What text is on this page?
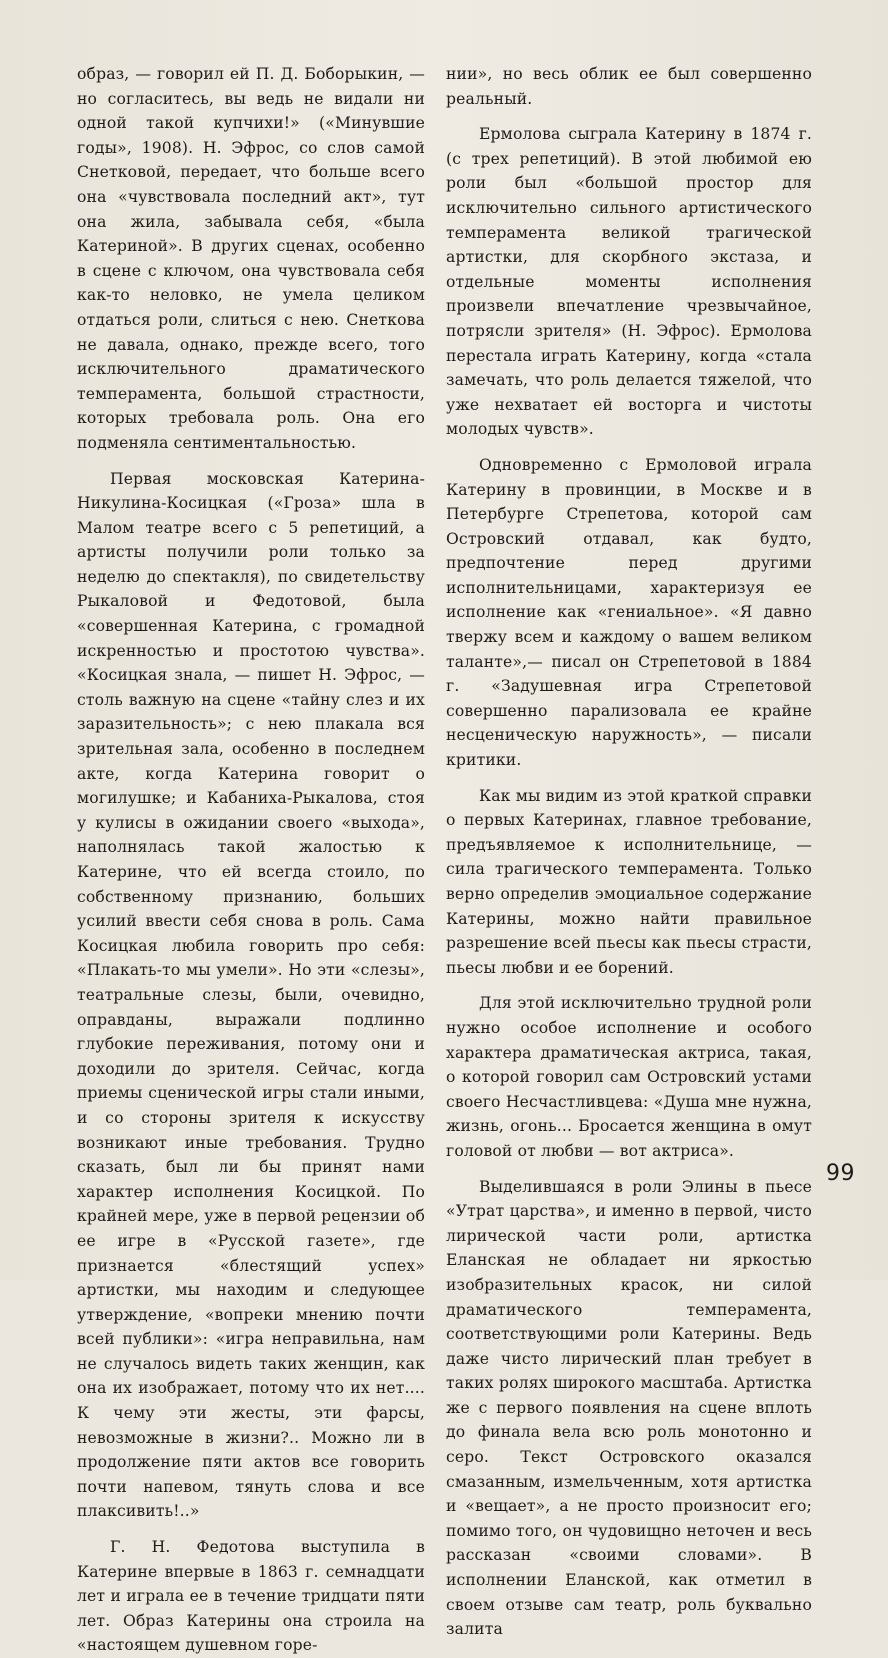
образ, — говорил ей П. Д. Боборыкин, — но согласитесь, вы ведь не видали ни одной такой купчихи!» («Минувшие годы», 1908). Н. Эфрос, со слов самой Снетковой, передает, что больше всего она «чувствовала последний акт», тут она жила, забывала себя, «была Катериной». В других сценах, особенно в сцене с ключом, она чувствовала себя как-то неловко, не умела целиком отдаться роли, слиться с нею. Снеткова не давала, однако, прежде всего, того исключительного драматического темперамента, большой страстности, которых требовала роль. Она его подменяла сентиментальностью.

Первая московская Катерина-Никулина-Косицкая («Гроза» шла в Малом театре всего с 5 репетиций, а артисты получили роли только за неделю до спектакля), по свидетельству Рыкаловой и Федотовой, была «совершенная Катерина, с громадной искренностью и простотою чувства». «Косицкая знала, — пишет Н. Эфрос, — столь важную на сцене «тайну слез и их заразительность»; с нею плакала вся зрительная зала, особенно в последнем акте, когда Катерина говорит о могилушке; и Кабаниха-Рыкалова, стоя у кулисы в ожидании своего «выхода», наполнялась такой жалостью к Катерине, что ей всегда стоило, по собственному признанию, больших усилий ввести себя снова в роль. Сама Косицкая любила говорить про себя: «Плакать-то мы умели». Но эти «слезы», театральные слезы, были, очевидно, оправданы, выражали подлинно глубокие переживания, потому они и доходили до зрителя. Сейчас, когда приемы сценической игры стали иными, и со стороны зрителя к искусству возникают иные требования. Трудно сказать, был ли бы принят нами характер исполнения Косицкой. По крайней мере, уже в первой рецензии об ее игре в «Русской газете», где признается «блестящий успех» артистки, мы находим и следующее утверждение, «вопреки мнению почти всей публики»: «игра неправильна, нам не случалось видеть таких женщин, как она их изображает, потому что их нет.... К чему эти жесты, эти фарсы, невозможные в жизни?.. Можно ли в продолжение пяти актов все говорить почти напевом, тянуть слова и все плаксивить!..»

Г. Н. Федотова выступила в Катерине впервые в 1863 г. семнадцати лет и играла ее в течение тридцати пяти лет. Образ Катерины она строила на «настоящем душевном горе-

нии», но весь облик ее был совершенно реальный.

Ермолова сыграла Катерину в 1874 г. (с трех репетиций). В этой любимой ею роли был «большой простор для исключительно сильного артистического темперамента великой трагической артистки, для скорбного экстаза, и отдельные моменты исполнения произвели впечатление чрезвычайное, потрясли зрителя» (Н. Эфрос). Ермолова перестала играть Катерину, когда «стала замечать, что роль делается тяжелой, что уже нехватает ей восторга и чистоты молодых чувств».

Одновременно с Ермоловой играла Катерину в провинции, в Москве и в Петербурге Стрепетова, которой сам Островский отдавал, как будто, предпочтение перед другими исполнительницами, характеризуя ее исполнение как «гениальное». «Я давно твержу всем и каждому о вашем великом таланте»,— писал он Стрепетовой в 1884 г. «Задушевная игра Стрепетовой совершенно парализовала ее крайне несценическую наружность», — писали критики.

Как мы видим из этой краткой справки о первых Катеринах, главное требование, предъявляемое к исполнительнице, — сила трагического темперамента. Только верно определив эмоциальное содержание Катерины, можно найти правильное разрешение всей пьесы как пьесы страсти, пьесы любви и ее борений.

Для этой исключительно трудной роли нужно особое исполнение и особого характера драматическая актриса, такая, о которой говорил сам Островский устами своего Несчастливцева: «Душа мне нужна, жизнь, огонь... Бросается женщина в омут головой от любви — вот актриса».

Выделившаяся в роли Элины в пьесе «Утрат царства», и именно в первой, чисто лирической части роли, артистка Еланская не обладает ни яркостью изобразительных красок, ни силой драматического темперамента, соответствующими роли Катерины. Ведь даже чисто лирический план требует в таких ролях широкого масштаба. Артистка же с первого появления на сцене вплоть до финала вела всю роль монотонно и серо. Текст Островского оказался смазанным, измельченным, хотя артистка и «вещает», а не просто произносит его; помимо того, он чудовищно неточен и весь рассказан «своими словами». В исполнении Еланской, как отметил в своем отзыве сам театр, роль буквально залита

99
